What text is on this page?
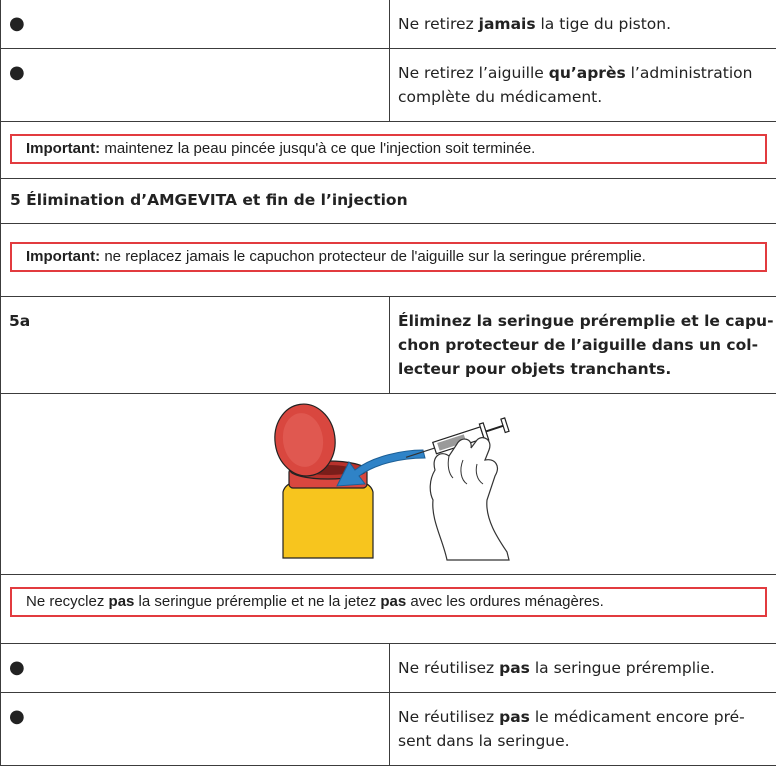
●	Ne retirez jamais la tige du piston.

●	Ne retirez l’aiguille qu’après l’administration complète du médicament.

Important: maintenez la peau pincée jusqu'à ce que l'injection soit terminée.	

5 Élimination d’AMGEVITA et fin de l’injection	

Important: ne replacez jamais le capuchon protecteur de l'aiguille sur la seringue préremplie.	

5a	Éliminez la seringue préremplie et le capu-
chon protecteur de l’aiguille dans un col-
lecteur pour objets tranchants.

Ne recyclez pas la seringue préremplie et ne la jetez pas avec les ordures ménagères.	

●	Ne réutilisez pas la seringue préremplie.

●	Ne réutilisez pas le médicament encore pré-
sent dans la seringue.
